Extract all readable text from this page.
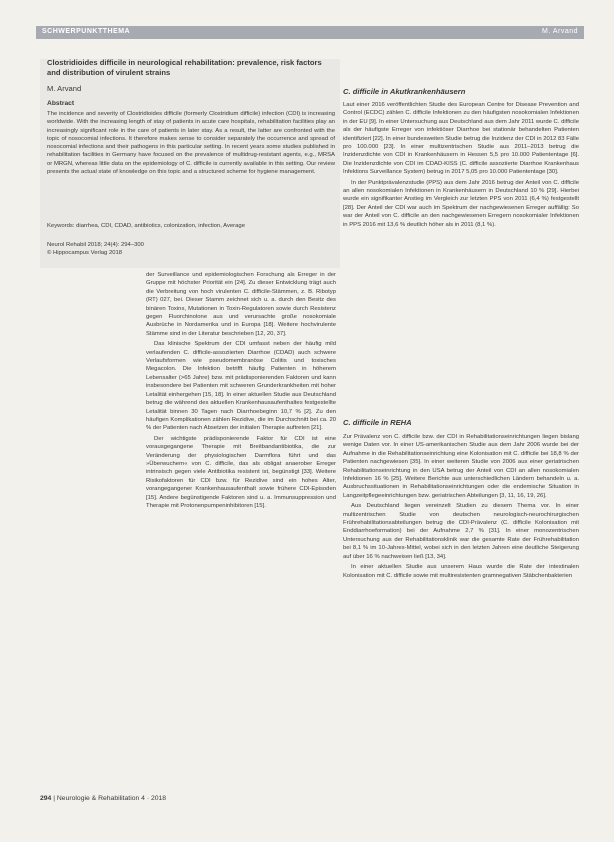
SCHWERPUNKTTHEMA	M. Arvand
Clostridioides difficile in neurological rehabilitation: prevalence, risk factors and distribution of virulent strains
M. Arvand
Abstract
The incidence and severity of Clostridioides difficile (formerly Clostridium difficile) infection (CDI) is increasing worldwide. With the increasing length of stay of patients in acute care hospitals, rehabilitation facilities play an increasingly significant role in the care of patients in later stay. As a result, the latter are confronted with the topic of nosocomial infections. It therefore makes sense to consider separately the occurrence and spread of nosocomial infections and their pathogens in this particular setting. In recent years some studies published in rehabilitation facilities in Germany have focused on the prevalence of multidrug-resistant agents, e.g., MRSA or MRGN, whereas little data on the epidemiology of C. difficile is currently available in this setting. Our review presents the actual state of knowledge on this topic and a structured scheme for hygiene management.
Keywords: diarrhea, CDI, CDAD, antibiotics, colonization, infection, Average
Neurol Rehabil 2018; 24(4): 294–300
© Hippocampus Verlag 2018

der Surveillance und epidemiologischen Forschung als Erreger in der Gruppe mit höchster Priorität ein [24]. Zu dieser Entwicklung trägt auch die Verbreitung von hoch virulenten C. difficile-Stämmen, z. B. Ribotyp (RT) 027, bei. Dieser Stamm zeichnet sich u. a. durch den Besitz des binären Toxins, Mutationen in Toxin-Regulatoren sowie durch Resistenz gegen Fluorchinolone aus und verursachte große nosokomiale Ausbrüche in Nordamerika und in Europa [18]. Weitere hochvirulente Stämme sind in der Literatur beschrieben [12, 20, 37].

Das klinische Spektrum der CDI umfasst neben der häufig mild verlaufenden C. difficile-assoziierten Diarrhoe (CDAD) auch schwere Verlaufsformen wie pseudomembranöse Colitis und toxisches Megacolon. Die Infektion betrifft häufig Patienten in höherem Lebensalter (>65 Jahre) bzw. mit prädisponierenden Faktoren und kann insbesondere bei Patienten mit schweren Grunderkrankheiten mit hoher Letalität einhergehen [15, 18]. In einer aktuellen Studie aus Deutschland betrug die während des aktuellen Krankenhausaufenthaltes festgestellte Letalität binnen 30 Tagen nach Diarrhoebeginn 10,7 % [2]. Zu den häufigen Komplikationen zählen Rezidive, die im Durchschnitt bei ca. 20 % der Patienten nach Absetzen der initialen Therapie auftreten [21].

Der wichtigste prädisponierende Faktor für CDI ist eine vorausgegangene Therapie mit Breitbandantibiotika, die zur Veränderung der physiologischen Darmflora führt und das »Überwuchern« von C. difficile, das als obligat anaerober Erreger intrinsisch gegen viele Antibiotika resistent ist, begünstigt [33]. Weitere Risikofaktoren für CDI bzw. für Rezidive sind ein hohes Alter, vorangegangener Krankenhausaufenthalt sowie frühere CDI-Episoden [15]. Andere begünstigende Faktoren sind u. a. Immunsuppression und Therapie mit Protonenpumpeninhibitoren [15].

C. difficile in Akutkrankenhäusern

Laut einer 2016 veröffentlichten Studie des European Centre for Disease Prevention and Control (ECDC) zählen C. difficile Infektionen zu den häufigsten nosokomialen Infektionen in der EU [9]. In einer Untersuchung aus Deutschland aus dem Jahr 2011 wurde C. difficile als der häufigste Erreger von infektiöser Diarrhoe bei stationär behandelten Patienten identifiziert [22]. In einer bundesweiten Studie betrug die Inzidenz der CDI in 2012 83 Fälle pro 100.000 [23]. In einer multizentrischen Studie aus 2011–2013 betrug die Inzidenzdichte von CDI in Krankenhäusern in Hessen 5,5 pro 10.000 Patiententage [6]. Die Inzidenzdichte von CDI im CDAD-KISS (C. difficile assoziierte Diarrhoe Krankenhaus Infektions Surveillance System) betrug in 2017 5,05 pro 10.000 Patiententage [30].

In der Punktprävalenzstudie (PPS) aus dem Jahr 2016 betrug der Anteil von C. difficile an allen nosokomialen Infektionen in Krankenhäusern in Deutschland 10 % [29]. Hierbei wurde ein signifikanter Anstieg im Vergleich zur letzten PPS von 2011 (6,4 %) festgestellt [28]. Der Anteil der CDI war auch im Spektrum der nachgewiesenen Erreger auffällig: So war der Anteil von C. difficile an den nachgewiesenen Erregern nosokomialer Infektionen in PPS 2016 mit 13,6 % deutlich höher als in 2011 (8,1 %).

C. difficile in REHA

Zur Prävalenz von C. difficile bzw. der CDI in Rehabilitationseinrichtungen liegen bislang wenige Daten vor. In einer US-amerikanischen Studie aus dem Jahr 2006 wurde bei der Aufnahme in die Rehabilitationseinrichtung eine Kolonisation mit C. difficile bei 18,8 % der Patienten nachgewiesen [35]. In einer weiteren Studie von 2006 aus einer geriatrischen Rehabilitationseinrichtung in den USA betrug der Anteil von CDI an allen nosokomialen Infektionen 16 % [25]. Weitere Berichte aus unterschiedlichen Ländern behandeln u. a. Ausbruchssituationen in Rehabilitationseinrichtungen oder die endemische Situation in Langzeitpflegeeinrichtungen bzw. geriatrischen Abteilungen [3, 11, 16, 19, 26].

Aus Deutschland liegen vereinzelt Studien zu diesem Thema vor. In einer multizentrischen Studie von deutschen neurologisch-neurochirurgischen Frührehabilitationsabteilungen betrug die CDI-Prävalenz (C. difficile Kolonisation mit Enddiarrhoeformation) bei der Aufnahme 2,7 % [31]. In einer monozentrischen Untersuchung aus der Rehabilitationsklinik war die gesamte Rate der Frührehabilitation bei 8,1 % im 10-Jahres-Mittel, wobei sich in den letzten Jahren eine deutliche Steigerung auf über 16 % nachweisen ließ [13, 34].

In einer aktuellen Studie aus unserem Haus wurde die Rate der intestinalen Kolonisation mit C. difficile sowie mit multiresistenten gramnegativen Stäbchenbakterien

294 | Neurologie & Rehabilitation 4 · 2018
